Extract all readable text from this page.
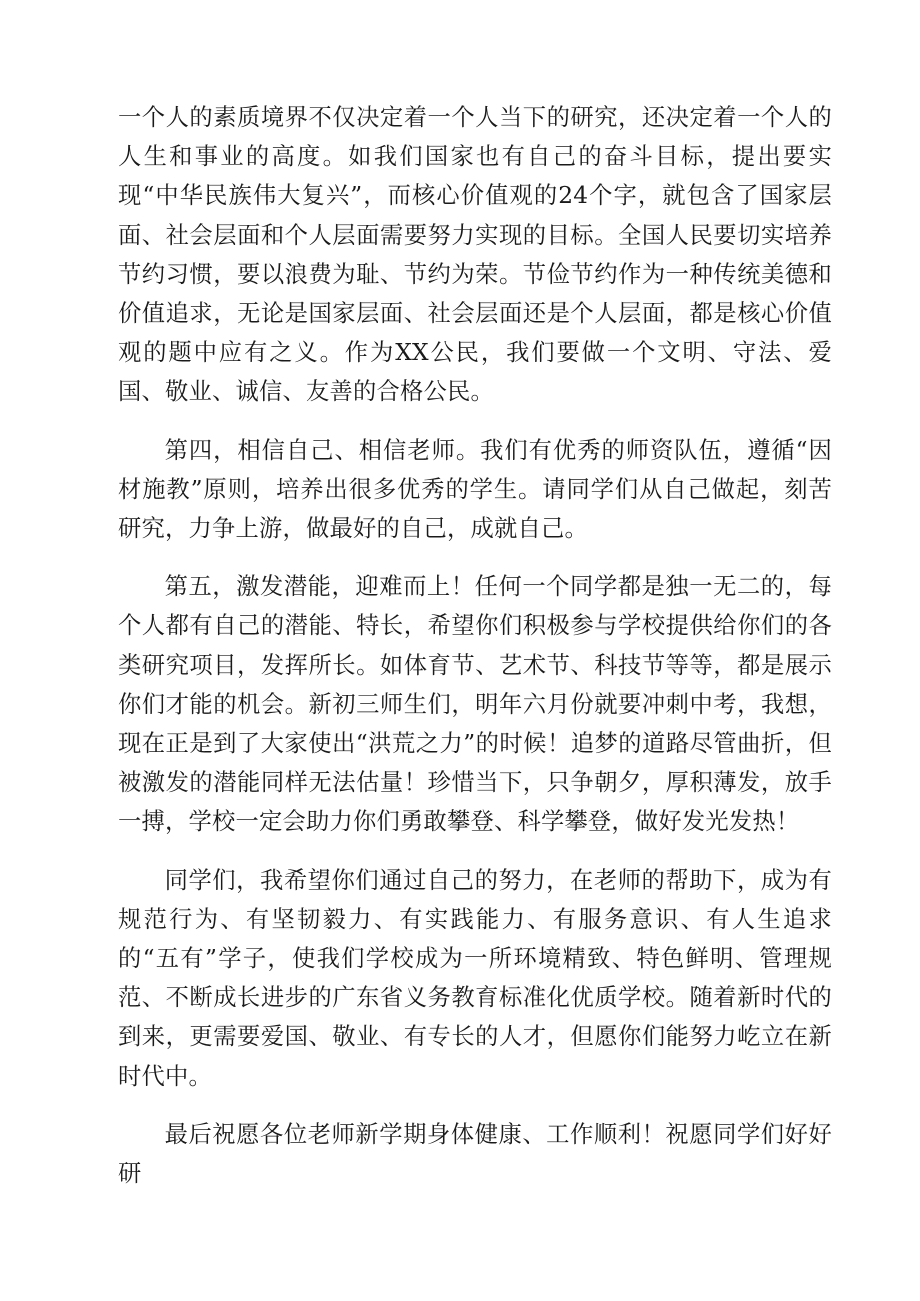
一个人的素质境界不仅决定着一个人当下的研究，还决定着一个人的人生和事业的高度。如我们国家也有自己的奋斗目标，提出要实现“中华民族伟大复兴”，而核心价值观的24个字，就包含了国家层面、社会层面和个人层面需要努力实现的目标。全国人民要切实培养节约习惯，要以浪费为耻、节约为荣。节俭节约作为一种传统美德和价值追求，无论是国家层面、社会层面还是个人层面，都是核心价值观的题中应有之义。作为XX公民，我们要做一个文明、守法、爱国、敬业、诚信、友善的合格公民。

第四，相信自己、相信老师。我们有优秀的师资队伍，遵循“因材施教”原则，培养出很多优秀的学生。请同学们从自己做起，刻苦研究，力争上游，做最好的自己，成就自己。

第五，激发潜能，迎难而上！任何一个同学都是独一无二的，每个人都有自己的潜能、特长，希望你们积极参与学校提供给你们的各类研究项目，发挥所长。如体育节、艺术节、科技节等等，都是展示你们才能的机会。新初三师生们，明年六月份就要冲刺中考，我想，现在正是到了大家使出“洪荒之力”的时候！追梦的道路尽管曲折，但被激发的潜能同样无法估量！珍惜当下，只争朝夕，厚积薄发，放手一搏，学校一定会助力你们勇敢攀登、科学攀登，做好发光发热！

同学们，我希望你们通过自己的努力，在老师的帮助下，成为有规范行为、有坚韧毅力、有实践能力、有服务意识、有人生追求的“五有”学子，使我们学校成为一所环境精致、特色鲜明、管理规范、不断成长进步的广东省义务教育标准化优质学校。随着新时代的到来，更需要爱国、敬业、有专长的人才，但愿你们能努力屹立在新时代中。

最后祝愿各位老师新学期身体健康、工作顺利！祝愿同学们好好研
